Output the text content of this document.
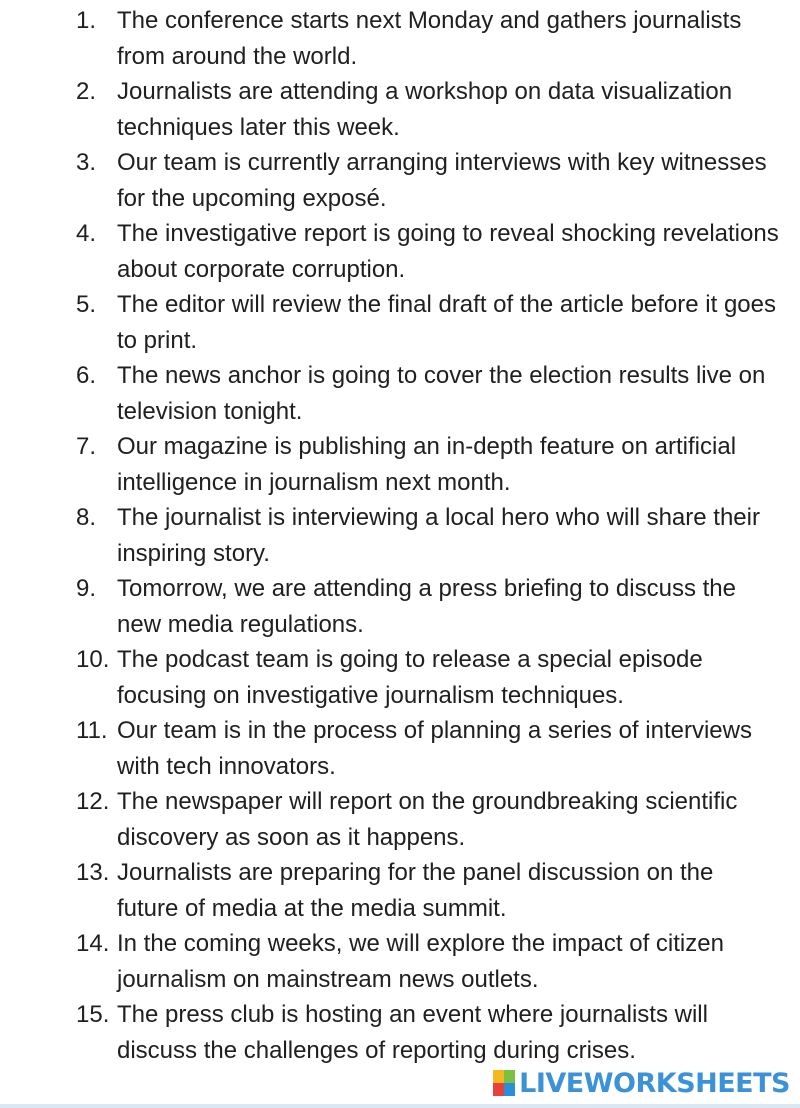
1. The conference starts next Monday and gathers journalists from around the world.
2. Journalists are attending a workshop on data visualization techniques later this week.
3. Our team is currently arranging interviews with key witnesses for the upcoming exposé.
4. The investigative report is going to reveal shocking revelations about corporate corruption.
5. The editor will review the final draft of the article before it goes to print.
6. The news anchor is going to cover the election results live on television tonight.
7. Our magazine is publishing an in-depth feature on artificial intelligence in journalism next month.
8. The journalist is interviewing a local hero who will share their inspiring story.
9. Tomorrow, we are attending a press briefing to discuss the new media regulations.
10. The podcast team is going to release a special episode focusing on investigative journalism techniques.
11. Our team is in the process of planning a series of interviews with tech innovators.
12. The newspaper will report on the groundbreaking scientific discovery as soon as it happens.
13. Journalists are preparing for the panel discussion on the future of media at the media summit.
14. In the coming weeks, we will explore the impact of citizen journalism on mainstream news outlets.
15. The press club is hosting an event where journalists will discuss the challenges of reporting during crises.
LIVEWORKSHEETS
